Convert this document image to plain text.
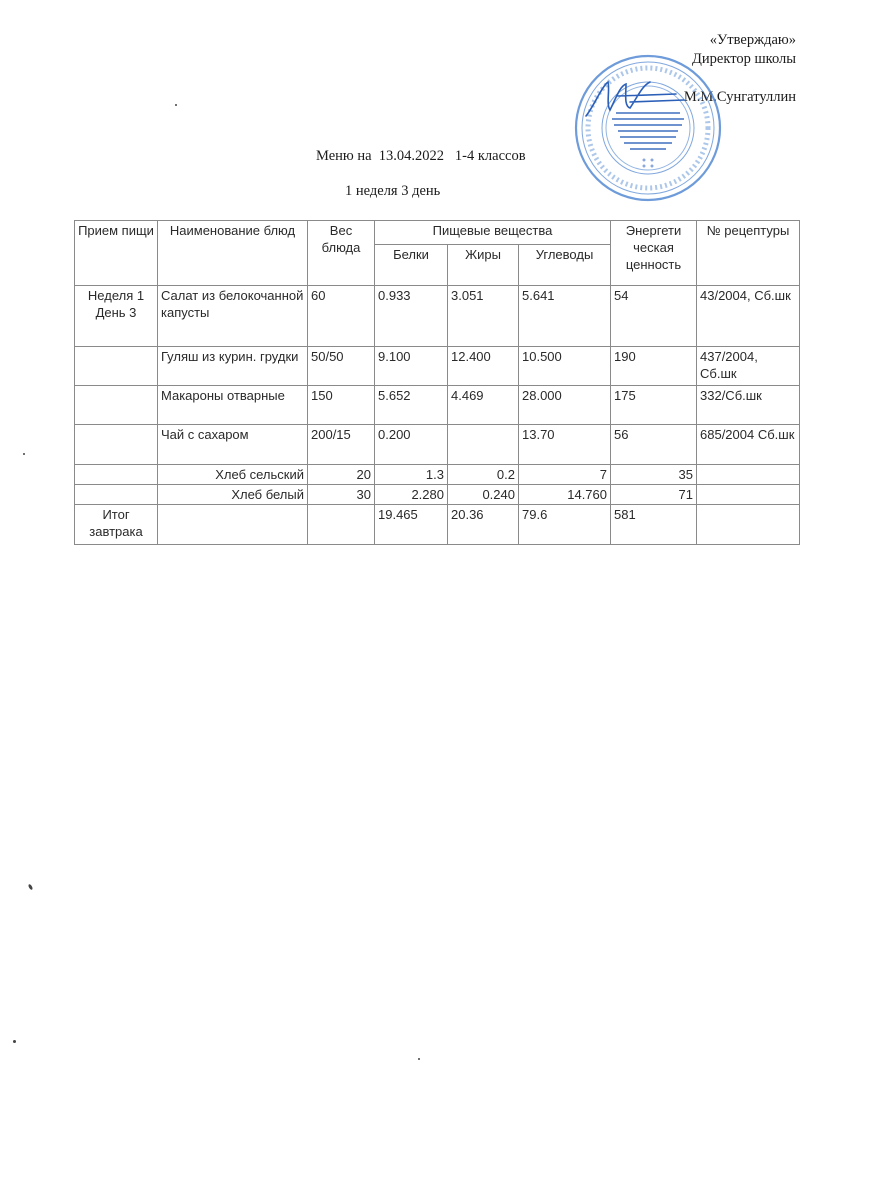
«Утверждаю»
Директор школы
М.М.Сунгатуллин
Меню на  13.04.2022   1-4 классов
1 неделя 3 день
Прием пищи	Наименование блюд	Вес блюда	Пищевые вещества			Энергети ческая ценность	№ рецептуры
			Белки	Жиры	Углеводы		
Неделя 1 День 3	Салат из белокочанной капусты	60	0.933	3.051	5.641	54	43/2004, Сб.шк
	Гуляш из курин. грудки	50/50	9.100	12.400	10.500	190	437/2004, Сб.шк
	Макароны отварные	150	5.652	4.469	28.000	175	332/Сб.шк
	Чай с сахаром	200/15	0.200		13.70	56	685/2004 Сб.шк
	Хлеб сельский	20	1.3	0.2	7	35	
	Хлеб белый	30	2.280	0.240	14.760	71	
Итог завтрака			19.465	20.36	79.6	581	
